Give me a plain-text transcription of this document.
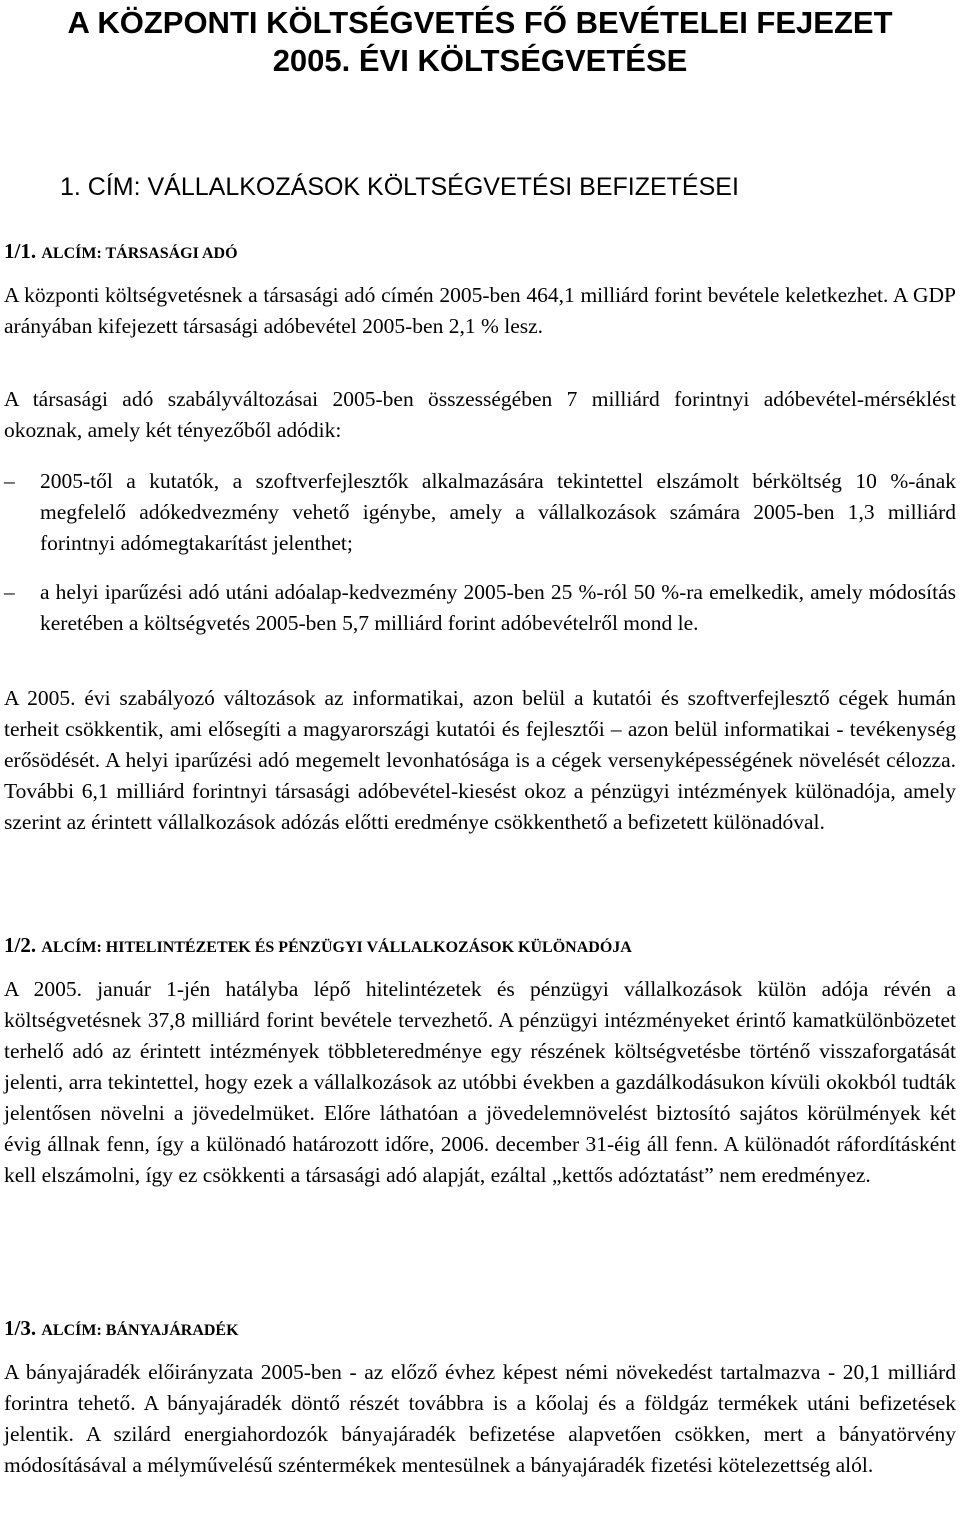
A KÖZPONTI KÖLTSÉGVETÉS FŐ BEVÉTELEI FEJEZET
2005. ÉVI KÖLTSÉGVETÉSE
1. CÍM: VÁLLALKOZÁSOK KÖLTSÉGVETÉSI BEFIZETÉSEI
1/1. ALCÍM: TÁRSASÁGI ADÓ
A központi költségvetésnek a társasági adó címén 2005-ben 464,1 milliárd forint bevétele keletkezhet. A GDP arányában kifejezett társasági adóbevétel 2005-ben 2,1 % lesz.
A társasági adó szabályváltozásai 2005-ben összességében 7 milliárd forintnyi adóbevétel-mérséklést okoznak, amely két tényezőből adódik:
–	2005-től a kutatók, a szoftverfejlesztők alkalmazására tekintettel elszámolt bérköltség 10 %-ának megfelelő adókedvezmény vehető igénybe, amely a vállalkozások számára 2005-ben 1,3 milliárd forintnyi adómegtakarítást jelenthet;
–	a helyi iparűzési adó utáni adóalap-kedvezmény 2005-ben 25 %-ról 50 %-ra emelkedik, amely módosítás keretében a költségvetés 2005-ben 5,7 milliárd forint adóbevételről mond le.
A 2005. évi szabályozó változások az informatikai, azon belül a kutatói és szoftverfejlesztő cégek humán terheit csökkentik, ami elősegíti a magyarországi kutatói és fejlesztői – azon belül informatikai - tevékenység erősödését. A helyi iparűzési adó megemelt levonhatósága is a cégek versenyképességének növelését célozza. További 6,1 milliárd forintnyi társasági adóbevétel-kiesést okoz a pénzügyi intézmények különadója, amely szerint az érintett vállalkozások adózás előtti eredménye csökkenthető a befizetett különadóval.
1/2. ALCÍM: HITELINTÉZETEK ÉS PÉNZÜGYI VÁLLALKOZÁSOK KÜLÖNADÓJA
A 2005. január 1-jén hatályba lépő hitelintézetek és pénzügyi vállalkozások külön adója révén a költségvetésnek 37,8 milliárd forint bevétele tervezhető. A pénzügyi intézményeket érintő kamatkülönbözetet terhelő adó az érintett intézmények többleteredménye egy részének költségvetésbe történő visszaforgatását jelenti, arra tekintettel, hogy ezek a vállalkozások az utóbbi években a gazdálkodásukon kívüli okokból tudták jelentősen növelni a jövedelmüket. Előre láthatóan a jövedelemnövelést biztosító sajátos körülmények két évig állnak fenn, így a különadó határozott időre, 2006. december 31-éig áll fenn. A különadót ráfordításként kell elszámolni, így ez csökkenti a társasági adó alapját, ezáltal „kettős adóztatást” nem eredményez.
1/3. ALCÍM: BÁNYAJÁRADÉK
A bányajáradék előirányzata 2005-ben - az előző évhez képest némi növekedést tartalmazva - 20,1 milliárd forintra tehető. A bányajáradék döntő részét továbbra is a kőolaj és a földgáz termékek utáni befizetések jelentik. A szilárd energiahordozók bányajáradék befizetése alapvetően csökken, mert a bányatörvény módosításával a mélyművelésű széntermékek mentesülnek a bányajáradék fizetési kötelezettség alól.
